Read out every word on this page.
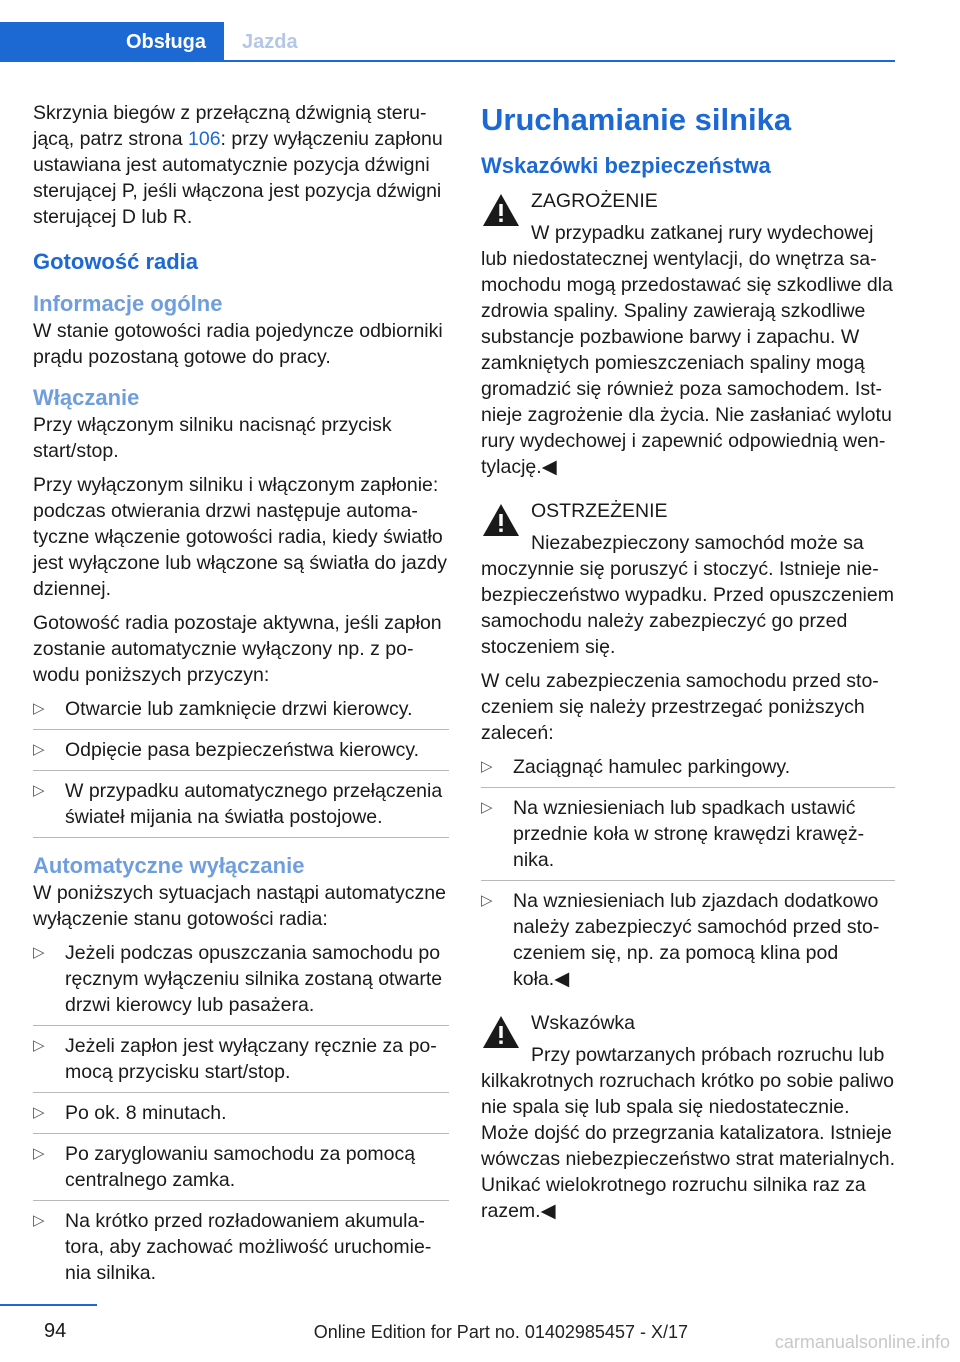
Obsługa	Jazda

Skrzynia biegów z przełączną dźwignią sterującą, patrz strona 106: przy wyłączeniu zapłonu ustawiana jest automatycznie pozycja dźwigni sterującej P, jeśli włączona jest pozycja dźwigni sterującej D lub R.

Gotowość radia
Informacje ogólne

W stanie gotowości radia pojedyncze odbiorniki prądu pozostaną gotowe do pracy.

Włączanie

Przy włączonym silniku nacisnąć przycisk start/stop.

Przy wyłączonym silniku i włączonym zapłonie: podczas otwierania drzwi następuje automatyczne włączenie gotowości radia, kiedy światło jest wyłączone lub włączone są światła do jazdy dziennej.

Gotowość radia pozostaje aktywna, jeśli zapłon zostanie automatycznie wyłączony np. z powodu poniższych przyczyn:

▷ Otwarcie lub zamknięcie drzwi kierowcy.
▷ Odpięcie pasa bezpieczeństwa kierowcy.
▷ W przypadku automatycznego przełączenia świateł mijania na światła postojowe.
Automatyczne wyłączanie

W poniższych sytuacjach nastąpi automatyczne wyłączenie stanu gotowości radia:

▷ Jeżeli podczas opuszczania samochodu po ręcznym wyłączeniu silnika zostaną otwarte drzwi kierowcy lub pasażera.
▷ Jeżeli zapłon jest wyłączany ręcznie za pomocą przycisku start/stop.
▷ Po ok. 8 minutach.
▷ Po zaryglowaniu samochodu za pomocą centralnego zamka.
▷ Na krótko przed rozładowaniem akumulatora, aby zachować możliwość uruchomienia silnika.
Uruchamianie silnika
Wskazówki bezpieczeństwa
ZAGROŻENIE
W przypadku zatkanej rury wydechowej
lub niedostatecznej wentylacji, do wnętrza samochodu mogą przedostawać się szkodliwe dla zdrowia spaliny. Spaliny zawierają szkodliwe substancje pozbawione barwy i zapachu. W zamkniętych pomieszczeniach spaliny mogą gromadzić się również poza samochodem. Istnieje zagrożenie dla życia. Nie zasłaniać wylotu rury wydechowej i zapewnić odpowiednią wentylację.◀
OSTRZEŻENIE
Niezabezpieczony samochód może sa
moczynnie się poruszyć i stoczyć. Istnieje niebezpieczeństwo wypadku. Przed opuszczeniem samochodu należy zabezpieczyć go przed stoczeniem się.

W celu zabezpieczenia samochodu przed stoczeniem się należy przestrzegać poniższych zaleceń:

▷ Zaciągnąć hamulec parkingowy.
▷ Na wzniesieniach lub spadkach ustawić przednie koła w stronę krawędzi krawężnika.
▷ Na wzniesieniach lub zjazdach dodatkowo należy zabezpieczyć samochód przed stoczeniem się, np. za pomocą klina pod koła.◀
Wskazówka
Przy powtarzanych próbach rozruchu lub
kilkakrotnych rozruchach krótko po sobie paliwo nie spala się lub spala się niedostatecznie. Może dojść do przegrzania katalizatora. Istnieje wówczas niebezpieczeństwo strat materialnych. Unikać wielokrotnego rozruchu silnika raz za razem.◀
94	Online Edition for Part no. 01402985457 - X/17	carmanualsonline.info
